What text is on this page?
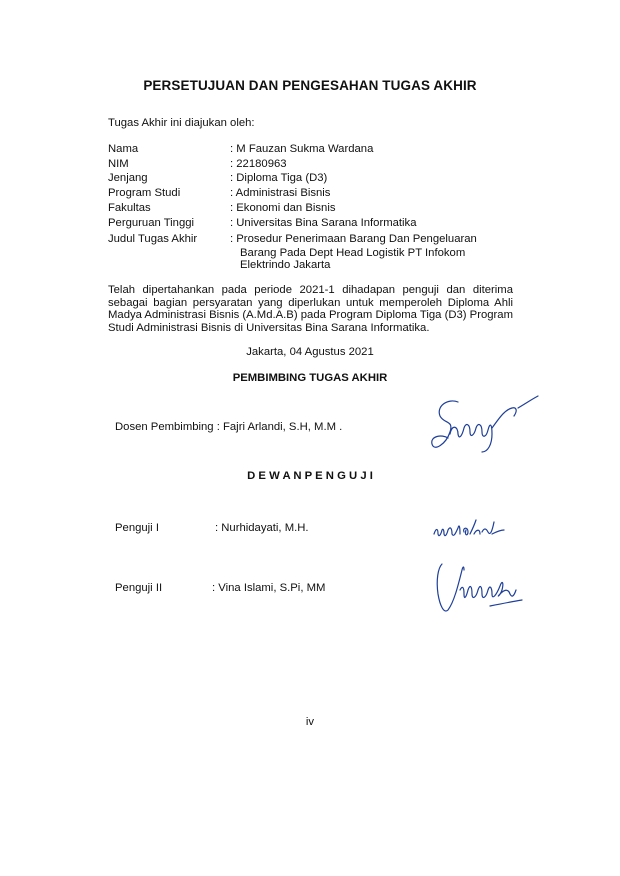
PERSETUJUAN DAN PENGESAHAN TUGAS AKHIR
Tugas Akhir ini diajukan oleh:
Nama	: M Fauzan Sukma Wardana
NIM	: 22180963
Jenjang	: Diploma Tiga (D3)
Program Studi	: Administrasi Bisnis
Fakultas	: Ekonomi dan Bisnis
Perguruan Tinggi	: Universitas Bina Sarana Informatika
Judul Tugas Akhir	: Prosedur Penerimaan Barang Dan Pengeluaran
Barang Pada Dept Head Logistik PT Infokom
Elektrindo Jakarta
Telah dipertahankan pada periode 2021-1 dihadapan penguji dan diterima sebagai bagian persyaratan yang diperlukan untuk memperoleh Diploma Ahli Madya Administrasi Bisnis (A.Md.A.B) pada Program Diploma Tiga (D3) Program Studi Administrasi Bisnis di Universitas Bina Sarana Informatika.
Jakarta, 04 Agustus 2021
PEMBIMBING TUGAS AKHIR
Dosen Pembimbing : Fajri Arlandi, S.H, M.M .
D E W A N P E N G U J I
Penguji I	: Nurhidayati, M.H.
Penguji II	: Vina Islami, S.Pi, MM
iv
